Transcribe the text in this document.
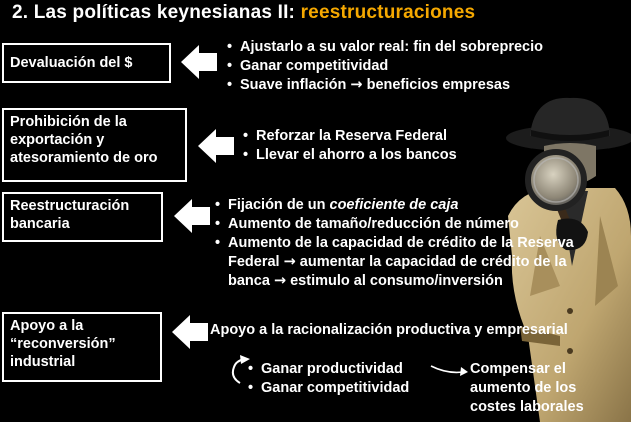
2. Las políticas keynesianas II: reestructuraciones
Devaluación del $
• Ajustarlo a su valor real: fin del sobreprecio
• Ganar competitividad
• Suave inflación → beneficios empresas
Prohibición de la
exportación y
atesoramiento de oro
• Reforzar la Reserva Federal
• Llevar el ahorro a los bancos
Reestructuración
bancaria
• Fijación de un coeficiente de caja
• Aumento de tamaño/reducción de número
• Aumento de la capacidad de crédito de la Reserva
Federal → aumentar la capacidad de crédito de la
banca → estimulo al consumo/inversión
Apoyo a la
“reconversión”
industrial
Apoyo a la racionalización productiva y empresarial
• Ganar productividad
• Ganar competitividad
Compensar el
aumento de los
costes laborales
